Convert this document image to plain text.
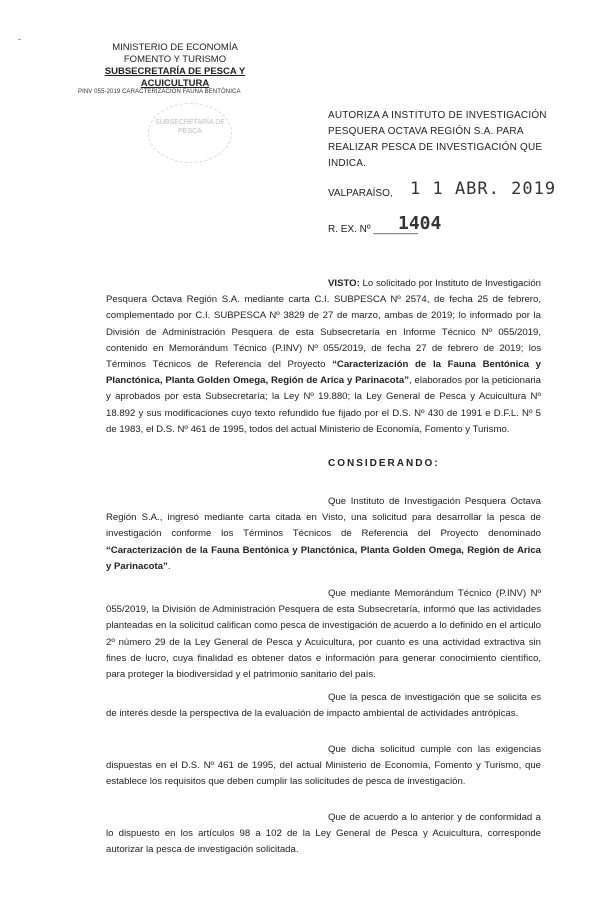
-
MINISTERIO DE ECONOMÍA
FOMENTO Y TURISMO
SUBSECRETARÍA DE PESCA Y ACUICULTURA
PINV 055-2019 CARACTERIZACIÓN FAUNA BENTÓNICA
SUBSECRETARÍA DE PESCA
AUTORIZA A INSTITUTO DE INVESTIGACIÓN PESQUERA OCTAVA REGIÓN S.A. PARA REALIZAR PESCA DE INVESTIGACIÓN QUE INDICA.
VALPARAÍSO, 1 1 ABR. 2019
1404
R. EX. Nº ________
VISTO: Lo solicitado por Instituto de Investigación Pesquera Octava Región S.A. mediante carta C.I. SUBPESCA Nº 2574, de fecha 25 de febrero, complementado por C.I. SUBPESCA Nº 3829 de 27 de marzo, ambas de 2019; lo informado por la División de Administración Pesquera de esta Subsecretaría en Informe Técnico Nº 055/2019, contenido en Memorándum Técnico (P.INV) Nº 055/2019, de fecha 27 de febrero de 2019; los Términos Técnicos de Referencia del Proyecto “Caracterización de la Fauna Bentónica y Planctónica, Planta Golden Omega, Región de Arica y Parinacota”, elaborados por la peticionaria y aprobados por esta Subsecretaría; la Ley Nº 19.880; la Ley General de Pesca y Acuicultura Nº 18.892 y sus modificaciones cuyo texto refundido fue fijado por el D.S. Nº 430 de 1991 e D.F.L. Nº 5 de 1983, el D.S. Nº 461 de 1995, todos del actual Ministerio de Economía, Fomento y Turismo.
CONSIDERANDO:
Que Instituto de Investigación Pesquera Octava Región S.A., ingresó mediante carta citada en Visto, una solicitud para desarrollar la pesca de investigación conforme los Términos Técnicos de Referencia del Proyecto denominado “Caracterización de la Fauna Bentónica y Planctónica, Planta Golden Omega, Región de Arica y Parinacota”.
Que mediante Memorándum Técnico (P.INV) Nº 055/2019, la División de Administración Pesquera de esta Subsecretaría, informó que las actividades planteadas en la solicitud califican como pesca de investigación de acuerdo a lo definido en el artículo 2º número 29 de la Ley General de Pesca y Acuicultura, por cuanto es una actividad extractiva sin fines de lucro, cuya finalidad es obtener datos e información para generar conocimiento científico, para proteger la biodiversidad y el patrimonio sanitario del país.
Que la pesca de investigación que se solicita es de interés desde la perspectiva de la evaluación de impacto ambiental de actividades antrópicas.
Que dicha solicitud cumple con las exigencias dispuestas en el D.S. Nº 461 de 1995, del actual Ministerio de Economía, Fomento y Turismo, que establece los requisitos que deben cumplir las solicitudes de pesca de investigación.
Que de acuerdo a lo anterior y de conformidad a lo dispuesto en los artículos 98 a 102 de la Ley General de Pesca y Acuicultura, corresponde autorizar la pesca de investigación solicitada.
